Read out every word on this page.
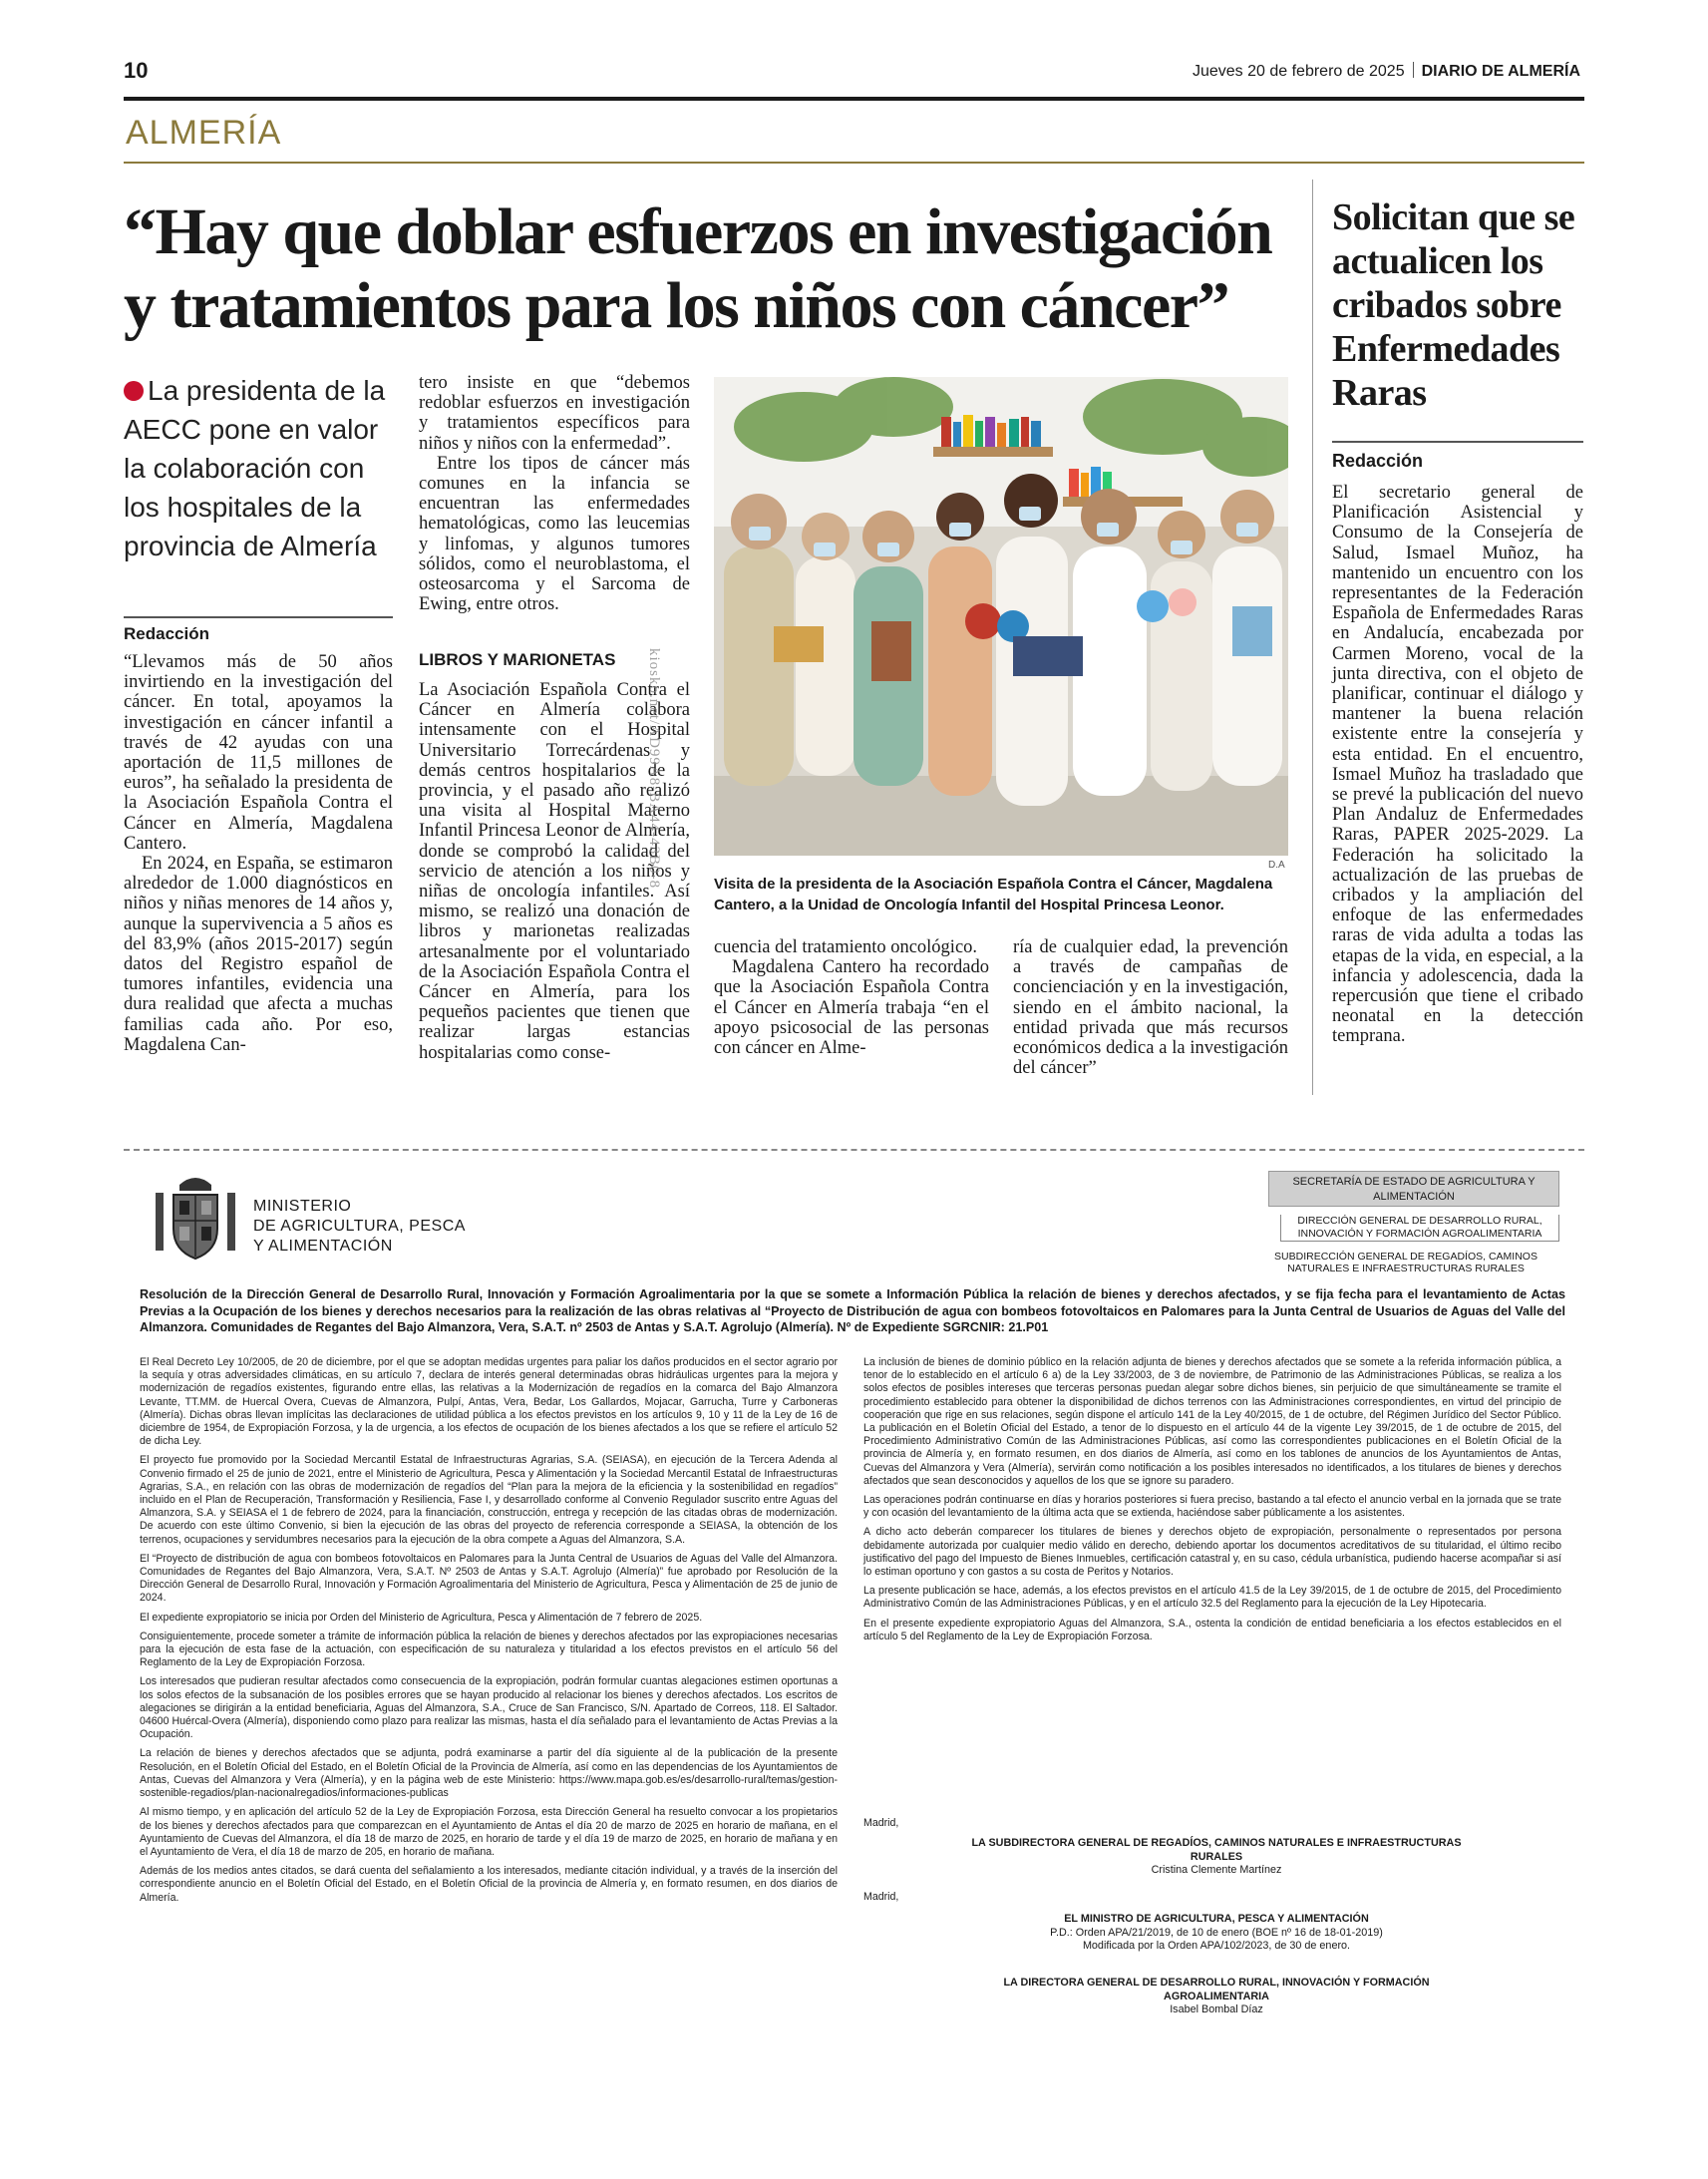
10	Jueves 20 de febrero de 2025 DIARIO DE ALMERÍA
ALMERÍA
“Hay que doblar esfuerzos en investigación y tratamientos para los niños con cáncer”
La presidenta de la AECC pone en valor la colaboración con los hospitales de la provincia de Almería
Redacción

“Llevamos más de 50 años invirtiendo en la investigación del cáncer. En total, apoyamos la investigación en cáncer infantil a través de 42 ayudas con una aportación de 11,5 millones de euros”, ha señalado la presidenta de la Asociación Española Contra el Cáncer en Almería, Magdalena Cantero.

En 2024, en España, se estimaron alrededor de 1.000 diagnósticos en niños y niñas menores de 14 años y, aunque la supervivencia a 5 años es del 83,9% (años 2015-2017) según datos del Registro español de tumores infantiles, evidencia una dura realidad que afecta a muchas familias cada año. Por eso, Magdalena Can-

tero insiste en que “debemos redoblar esfuerzos en investigación y tratamientos específicos para niños y niños con la enfermedad”.

Entre los tipos de cáncer más comunes en la infancia se encuentran las enfermedades hematológicas, como las leucemias y linfomas, y algunos tumores sólidos, como el neuroblastoma, el osteosarcoma y el Sarcoma de Ewing, entre otros.

LIBROS Y MARIONETAS

La Asociación Española Contra el Cáncer en Almería colabora intensamente con el Hospital Universitario Torrecárdenas y demás centros hospitalarios de la provincia, y el pasado año realizó una visita al Hospital Materno Infantil Princesa Leonor de Almería, donde se comprobó la calidad del servicio de atención a los niños y niñas de oncología infantiles. Así mismo, se realizó una donación de libros y marionetas realizadas artesanalmente por el voluntariado de la Asociación Española Contra el Cáncer en Almería, para los pequeños pacientes que tienen que realizar largas estancias hospitalarias como conse-

D.A
Visita de la presidenta de la Asociación Española Contra el Cáncer, Magdalena Cantero, a la Unidad de Oncología Infantil del Hospital Princesa Leonor.

cuencia del tratamiento oncológico.

Magdalena Cantero ha recordado que la Asociación Española Contra el Cáncer en Almería trabaja “en el apoyo psicosocial de las personas con cáncer en Alme-

ría de cualquier edad, la prevención a través de campañas de concienciación y en la investigación, siendo en el ámbito nacional, la entidad privada que más recursos económicos dedica a la investigación del cáncer”

Solicitan que se actualicen los cribados sobre Enfermedades Raras
Redacción

El secretario general de Planificación Asistencial y Consumo de la Consejería de Salud, Ismael Muñoz, ha mantenido un encuentro con los representantes de la Federación Española de Enfermedades Raras en Andalucía, encabezada por Carmen Moreno, vocal de la junta directiva, con el objeto de planificar, continuar el diálogo y mantener la buena relación existente entre la consejería y esta entidad. En el encuentro, Ismael Muñoz ha trasladado que se prevé la publicación del nuevo Plan Andaluz de Enfermedades Raras, PAPER 2025-2029. La Federación ha solicitado la actualización de las pruebas de cribados y la ampliación del enfoque de las enfermedades raras de vida adulta a todas las etapas de la vida, en especial, a la infancia y adolescencia, dada la repercusión que tiene el cribado neonatal en la detección temprana.

kiosko.net/AD99A8-BA44-43B0-8
MINISTERIO
DE AGRICULTURA, PESCA
Y ALIMENTACIÓN
SECRETARÍA DE ESTADO DE AGRICULTURA Y ALIMENTACIÓN
DIRECCIÓN GENERAL DE DESARROLLO RURAL, INNOVACIÓN Y FORMACIÓN AGROALIMENTARIA
SUBDIRECCIÓN GENERAL DE REGADÍOS, CAMINOS NATURALES E INFRAESTRUCTURAS RURALES
Resolución de la Dirección General de Desarrollo Rural, Innovación y Formación Agroalimentaria por la que se somete a Información Pública la relación de bienes y derechos afectados, y se fija fecha para el levantamiento de Actas Previas a la Ocupación de los bienes y derechos necesarios para la realización de las obras relativas al “Proyecto de Distribución de agua con bombeos fotovoltaicos en Palomares para la Junta Central de Usuarios de Aguas del Valle del Almanzora. Comunidades de Regantes del Bajo Almanzora, Vera, S.A.T. nº 2503 de Antas y S.A.T. Agrolujo (Almería). Nº de Expediente SGRCNIR: 21.P01

El Real Decreto Ley 10/2005, de 20 de diciembre, por el que se adoptan medidas urgentes para paliar los daños producidos en el sector agrario por la sequía y otras adversidades climáticas, en su artículo 7, declara de interés general determinadas obras hidráulicas urgentes para la mejora y modernización de regadíos existentes, figurando entre ellas, las relativas a la Modernización de regadíos en la comarca del Bajo Almanzora Levante, TT.MM. de Huercal Overa, Cuevas de Almanzora, Pulpí, Antas, Vera, Bedar, Los Gallardos, Mojacar, Garrucha, Turre y Carboneras (Almería). Dichas obras llevan implícitas las declaraciones de utilidad pública a los efectos previstos en los artículos 9, 10 y 11 de la Ley de 16 de diciembre de 1954, de Expropiación Forzosa, y la de urgencia, a los efectos de ocupación de los bienes afectados a los que se refiere el artículo 52 de dicha Ley.

El proyecto fue promovido por la Sociedad Mercantil Estatal de Infraestructuras Agrarias, S.A. (SEIASA), en ejecución de la Tercera Adenda al Convenio firmado el 25 de junio de 2021, entre el Ministerio de Agricultura, Pesca y Alimentación y la Sociedad Mercantil Estatal de Infraestructuras Agrarias, S.A., en relación con las obras de modernización de regadíos del “Plan para la mejora de la eficiencia y la sostenibilidad en regadíos” incluido en el Plan de Recuperación, Transformación y Resiliencia, Fase I, y desarrollado conforme al Convenio Regulador suscrito entre Aguas del Almanzora, S.A. y SEIASA el 1 de febrero de 2024, para la financiación, construcción, entrega y recepción de las citadas obras de modernización. De acuerdo con este último Convenio, si bien la ejecución de las obras del proyecto de referencia corresponde a SEIASA, la obtención de los terrenos, ocupaciones y servidumbres necesarios para la ejecución de la obra compete a Aguas del Almanzora, S.A.

El “Proyecto de distribución de agua con bombeos fotovoltaicos en Palomares para la Junta Central de Usuarios de Aguas del Valle del Almanzora. Comunidades de Regantes del Bajo Almanzora, Vera, S.A.T. Nº 2503 de Antas y S.A.T. Agrolujo (Almería)” fue aprobado por Resolución de la Dirección General de Desarrollo Rural, Innovación y Formación Agroalimentaria del Ministerio de Agricultura, Pesca y Alimentación de 25 de junio de 2024.

El expediente expropiatorio se inicia por Orden del Ministerio de Agricultura, Pesca y Alimentación de 7 febrero de 2025.

Consiguientemente, procede someter a trámite de información pública la relación de bienes y derechos afectados por las expropiaciones necesarias para la ejecución de esta fase de la actuación, con especificación de su naturaleza y titularidad a los efectos previstos en el artículo 56 del Reglamento de la Ley de Expropiación Forzosa.

Los interesados que pudieran resultar afectados como consecuencia de la expropiación, podrán formular cuantas alegaciones estimen oportunas a los solos efectos de la subsanación de los posibles errores que se hayan producido al relacionar los bienes y derechos afectados. Los escritos de alegaciones se dirigirán a la entidad beneficiaria, Aguas del Almanzora, S.A., Cruce de San Francisco, S/N. Apartado de Correos, 118. El Saltador. 04600 Huércal-Overa (Almería), disponiendo como plazo para realizar las mismas, hasta el día señalado para el levantamiento de Actas Previas a la Ocupación.

La relación de bienes y derechos afectados que se adjunta, podrá examinarse a partir del día siguiente al de la publicación de la presente Resolución, en el Boletín Oficial del Estado, en el Boletín Oficial de la Provincia de Almería, así como en las dependencias de los Ayuntamientos de Antas, Cuevas del Almanzora y Vera (Almería), y en la página web de este Ministerio: https://www.mapa.gob.es/es/desarrollo-rural/temas/gestion-sostenible-regadios/plan-nacionalregadios/informaciones-publicas

Al mismo tiempo, y en aplicación del artículo 52 de la Ley de Expropiación Forzosa, esta Dirección General ha resuelto convocar a los propietarios de los bienes y derechos afectados para que comparezcan en el Ayuntamiento de Antas el día 20 de marzo de 2025 en horario de mañana, en el Ayuntamiento de Cuevas del Almanzora, el día 18 de marzo de 2025, en horario de tarde y el día 19 de marzo de 2025, en horario de mañana y en el Ayuntamiento de Vera, el día 18 de marzo de 205, en horario de mañana.

Además de los medios antes citados, se dará cuenta del señalamiento a los interesados, mediante citación individual, y a través de la inserción del correspondiente anuncio en el Boletín Oficial del Estado, en el Boletín Oficial de la provincia de Almería y, en formato resumen, en dos diarios de Almería.

La inclusión de bienes de dominio público en la relación adjunta de bienes y derechos afectados que se somete a la referida información pública, a tenor de lo establecido en el artículo 6 a) de la Ley 33/2003, de 3 de noviembre, de Patrimonio de las Administraciones Públicas, se realiza a los solos efectos de posibles intereses que terceras personas puedan alegar sobre dichos bienes, sin perjuicio de que simultáneamente se tramite el procedimiento establecido para obtener la disponibilidad de dichos terrenos con las Administraciones correspondientes, en virtud del principio de cooperación que rige en sus relaciones, según dispone el artículo 141 de la Ley 40/2015, de 1 de octubre, del Régimen Jurídico del Sector Público. La publicación en el Boletín Oficial del Estado, a tenor de lo dispuesto en el artículo 44 de la vigente Ley 39/2015, de 1 de octubre de 2015, del Procedimiento Administrativo Común de las Administraciones Públicas, así como las correspondientes publicaciones en el Boletín Oficial de la provincia de Almería y, en formato resumen, en dos diarios de Almería, así como en los tablones de anuncios de los Ayuntamientos de Antas, Cuevas del Almanzora y Vera (Almería), servirán como notificación a los posibles interesados no identificados, a los titulares de bienes y derechos afectados que sean desconocidos y aquellos de los que se ignore su paradero.

Las operaciones podrán continuarse en días y horarios posteriores si fuera preciso, bastando a tal efecto el anuncio verbal en la jornada que se trate y con ocasión del levantamiento de la última acta que se extienda, haciéndose saber públicamente a los asistentes.

A dicho acto deberán comparecer los titulares de bienes y derechos objeto de expropiación, personalmente o representados por persona debidamente autorizada por cualquier medio válido en derecho, debiendo aportar los documentos acreditativos de su titularidad, el último recibo justificativo del pago del Impuesto de Bienes Inmuebles, certificación catastral y, en su caso, cédula urbanística, pudiendo hacerse acompañar si así lo estiman oportuno y con gastos a su costa de Peritos y Notarios.

La presente publicación se hace, además, a los efectos previstos en el artículo 41.5 de la Ley 39/2015, de 1 de octubre de 2015, del Procedimiento Administrativo Común de las Administraciones Públicas, y en el artículo 32.5 del Reglamento para la ejecución de la Ley Hipotecaria.

En el presente expediente expropiatorio Aguas del Almanzora, S.A., ostenta la condición de entidad beneficiaria a los efectos establecidos en el artículo 5 del Reglamento de la Ley de Expropiación Forzosa.

Madrid,
LA SUBDIRECTORA GENERAL DE REGADÍOS, CAMINOS NATURALES E INFRAESTRUCTURAS RURALES
Cristina Clemente Martínez
Madrid,
EL MINISTRO DE AGRICULTURA, PESCA Y ALIMENTACIÓN
P.D.: Orden APA/21/2019, de 10 de enero (BOE nº 16 de 18-01-2019)
Modificada por la Orden APA/102/2023, de 30 de enero.
LA DIRECTORA GENERAL DE DESARROLLO RURAL, INNOVACIÓN Y FORMACIÓN AGROALIMENTARIA
Isabel Bombal Díaz
